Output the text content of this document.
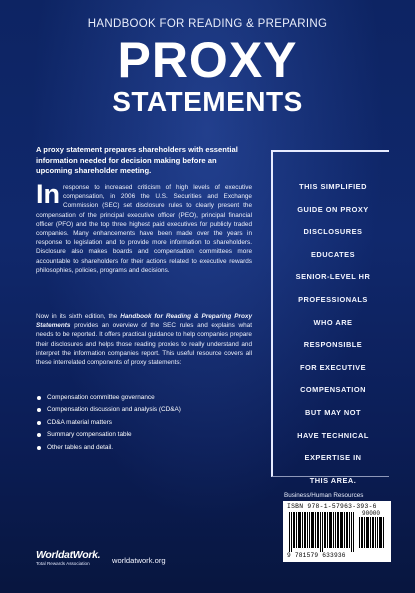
HANDBOOK FOR READING & PREPARING
PROXY
STATEMENTS
A proxy statement prepares shareholders with essential information needed for decision making before an upcoming shareholder meeting.
In response to increased criticism of high levels of executive compensation, in 2006 the U.S. Securities and Exchange Commission (SEC) set disclosure rules to clearly present the compensation of the principal executive officer (PEO), principal financial officer (PFO) and the top three highest paid executives for publicly traded companies. Many enhancements have been made over the years in response to legislation and to provide more information to shareholders. Disclosure also makes boards and compensation committees more accountable to shareholders for their actions related to executive rewards philosophies, policies, programs and decisions.
Now in its sixth edition, the Handbook for Reading & Preparing Proxy Statements provides an overview of the SEC rules and explains what needs to be reported. It offers practical guidance to help companies prepare their disclosures and helps those reading proxies to really understand and interpret the information companies report. This useful resource covers all these interrelated components of proxy statements:
Compensation committee governance
Compensation discussion and analysis (CD&A)
CD&A material matters
Summary compensation table
Other tables and detail.
THIS SIMPLIFIED
GUIDE ON PROXY
DISCLOSURES
EDUCATES
SENIOR-LEVEL HR
PROFESSIONALS
WHO ARE
RESPONSIBLE
FOR EXECUTIVE
COMPENSATION
BUT MAY NOT
HAVE TECHNICAL
EXPERTISE IN
THIS AREA.
Business/Human Resources
ISBN 978-1-57963-393-6
90000
9 781579 633936
WorldatWork.
Total Rewards Association	worldatwork.org
